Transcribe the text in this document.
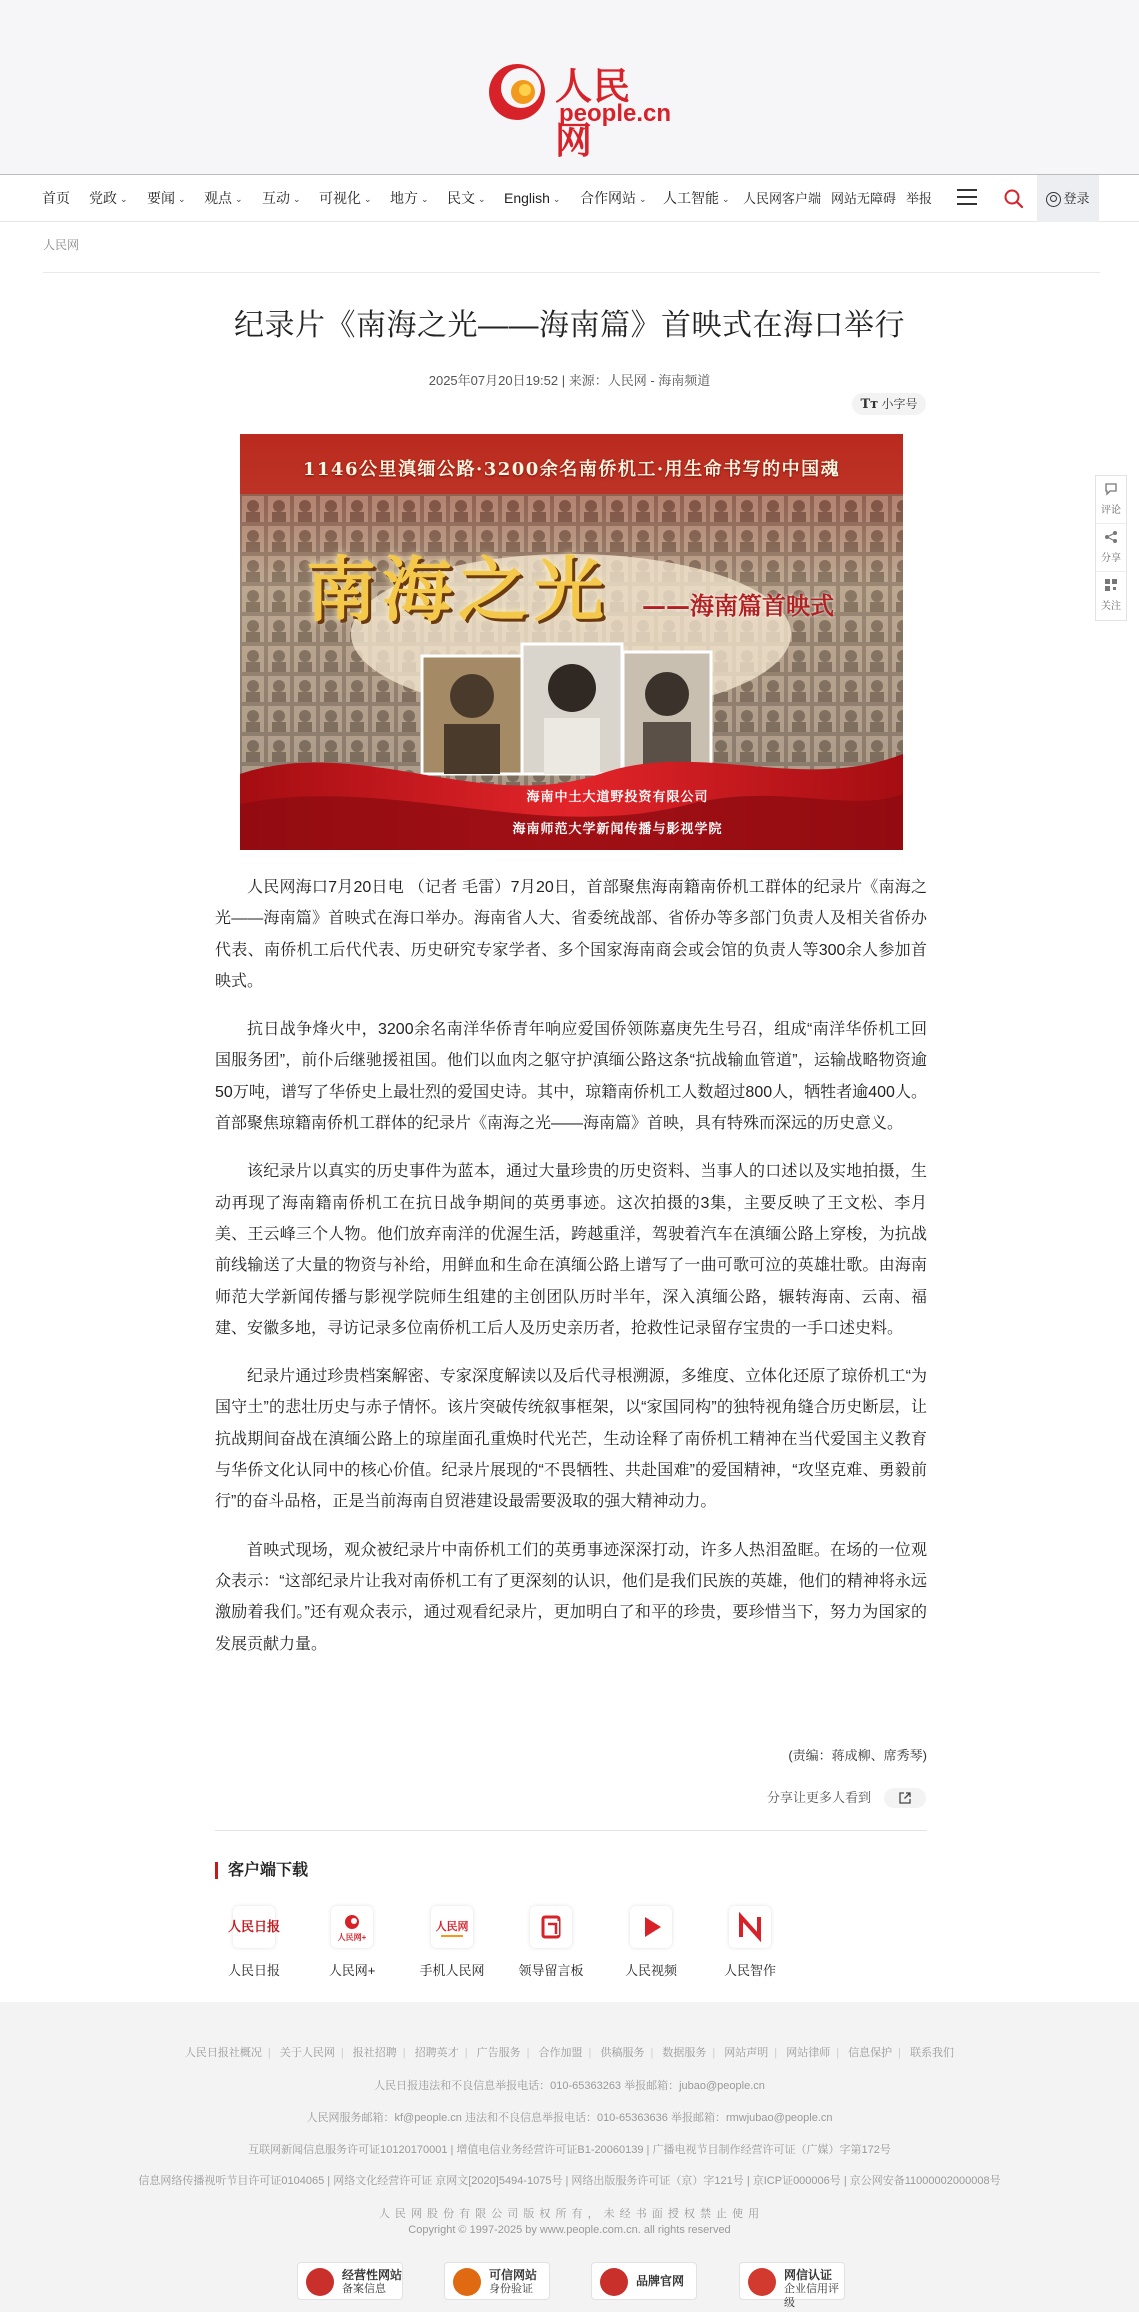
人民网
people.cn
首页 党政 ⌄ 要闻 ⌄ 观点 ⌄ 互动 ⌄ 可视化 ⌄ 地方 ⌄ 民文 ⌄ English ⌄ 合作网站 ⌄ 人工智能 ⌄ 人民网客户端 网站无障碍 举报	登录
人民网
纪录片《南海之光——海南篇》首映式在海口举行
2025年07月20日19:52 | 来源：人民网 - 海南频道
Tт 小字号
1146公里滇缅公路·3200余名南侨机工·用生命书写的中国魂
南海之光 ——海南篇首映式
海南中土大道野投资有限公司
海南师范大学新闻传播与影视学院

人民网海口7月20日电 （记者 毛雷）7月20日，首部聚焦海南籍南侨机工群体的纪录片《南海之光——海南篇》首映式在海口举办。海南省人大、省委统战部、省侨办等多部门负责人及相关省侨办代表、南侨机工后代代表、历史研究专家学者、多个国家海南商会或会馆的负责人等300余人参加首映式。

抗日战争烽火中，3200余名南洋华侨青年响应爱国侨领陈嘉庚先生号召，组成“南洋华侨机工回国服务团”，前仆后继驰援祖国。他们以血肉之躯守护滇缅公路这条“抗战输血管道”，运输战略物资逾50万吨，谱写了华侨史上最壮烈的爱国史诗。其中，琼籍南侨机工人数超过800人，牺牲者逾400人。首部聚焦琼籍南侨机工群体的纪录片《南海之光——海南篇》首映，具有特殊而深远的历史意义。

该纪录片以真实的历史事件为蓝本，通过大量珍贵的历史资料、当事人的口述以及实地拍摄，生动再现了海南籍南侨机工在抗日战争期间的英勇事迹。这次拍摄的3集，主要反映了王文松、李月美、王云峰三个人物。他们放弃南洋的优渥生活，跨越重洋，驾驶着汽车在滇缅公路上穿梭，为抗战前线输送了大量的物资与补给，用鲜血和生命在滇缅公路上谱写了一曲可歌可泣的英雄壮歌。由海南师范大学新闻传播与影视学院师生组建的主创团队历时半年，深入滇缅公路，辗转海南、云南、福建、安徽多地，寻访记录多位南侨机工后人及历史亲历者，抢救性记录留存宝贵的一手口述史料。

纪录片通过珍贵档案解密、专家深度解读以及后代寻根溯源，多维度、立体化还原了琼侨机工“为国守土”的悲壮历史与赤子情怀。该片突破传统叙事框架，以“家国同构”的独特视角缝合历史断层，让抗战期间奋战在滇缅公路上的琼崖面孔重焕时代光芒，生动诠释了南侨机工精神在当代爱国主义教育与华侨文化认同中的核心价值。纪录片展现的“不畏牺牲、共赴国难”的爱国精神，“攻坚克难、勇毅前行”的奋斗品格，正是当前海南自贸港建设最需要汲取的强大精神动力。

首映式现场，观众被纪录片中南侨机工们的英勇事迹深深打动，许多人热泪盈眶。在场的一位观众表示：“这部纪录片让我对南侨机工有了更深刻的认识，他们是我们民族的英雄，他们的精神将永远激励着我们。”还有观众表示，通过观看纪录片，更加明白了和平的珍贵，要珍惜当下，努力为国家的发展贡献力量。

(责编：蒋成柳、席秀琴)
分享让更多人看到
客户端下载
人民日报
人民日报
人民网+
人民网+
人民网
手机人民网	领导留言板	人民视频	人民智作
评论
分享
关注
人民日报社概况 | 关于人民网 | 报社招聘 | 招聘英才 | 广告服务 | 合作加盟 | 供稿服务 | 数据服务 | 网站声明 | 网站律师 | 信息保护 | 联系我们
人民日报违法和不良信息举报电话：010-65363263 举报邮箱：jubao@people.cn
人民网服务邮箱：kf@people.cn 违法和不良信息举报电话：010-65363636 举报邮箱：rmwjubao@people.cn
互联网新闻信息服务许可证10120170001 | 增值电信业务经营许可证B1-20060139 | 广播电视节目制作经营许可证（广媒）字第172号
信息网络传播视听节目许可证0104065 | 网络文化经营许可证 京网文[2020]5494-1075号 | 网络出版服务许可证（京）字121号 | 京ICP证000006号 | 京公网安备11000002000008号
人 民 网 股 份 有 限 公 司 版 权 所 有 ， 未 经 书 面 授 权 禁 止 使 用
Copyright © 1997-2025 by www.people.com.cn. all rights reserved
经营性网站
备案信息
可信网站
身份验证
品牌官网	网信认证
企业信用评级
